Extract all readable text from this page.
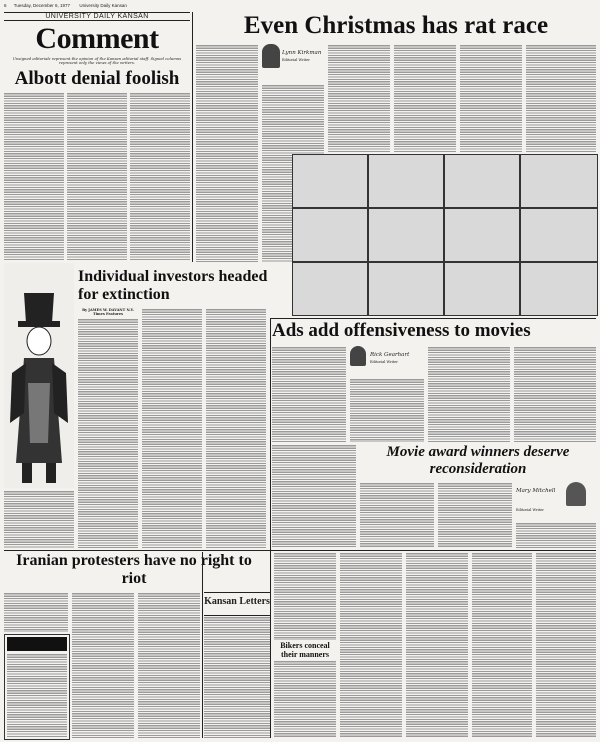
6 Tuesday, December 6, 1977 University Daily Kansan
UNIVERSITY DAILY KANSAN
Comment
Unsigned editorials represent the opinion of the Kansan editorial staff. Signed columns represent only the views of the writers.
Albott denial foolish
Individual investors headed for extinction
By JAMES W. DAVANT N.Y. Times Features
Even Christmas has rat race
Lynn Kirkman
Editorial Writer
Ads add offensiveness to movies
Rick Gearhart
Editorial Writer
Movie award winners deserve reconsideration
Mary Mitchell
Editorial Writer
Iranian protesters have no right to riot
Kansan Letters
Bikers conceal their manners
